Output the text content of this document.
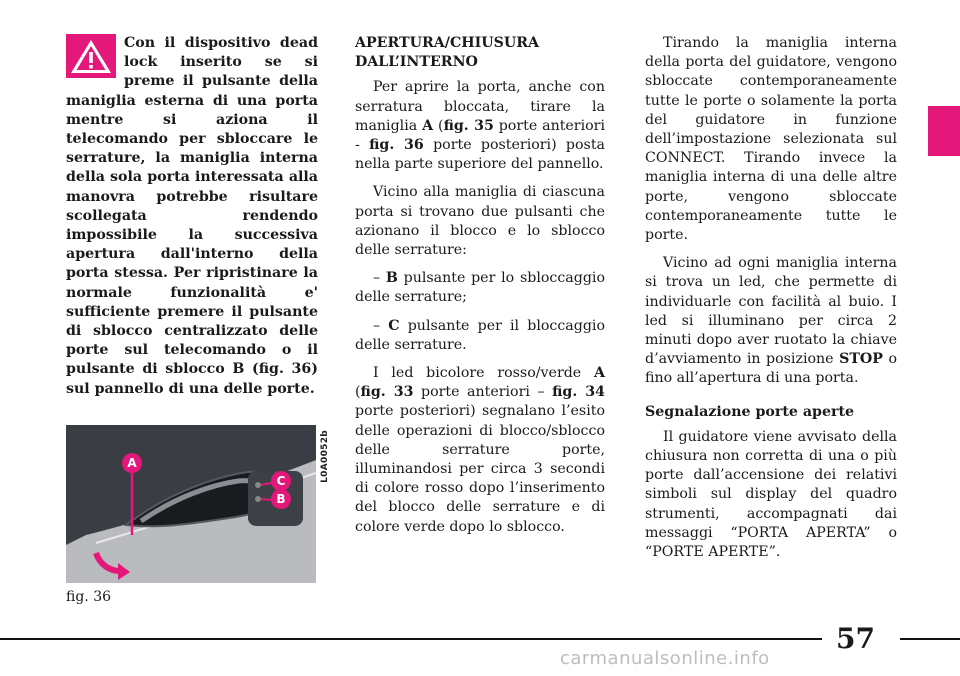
Con il dispositivo dead lock inserito se si preme il pulsante della maniglia esterna di una porta mentre si aziona il telecomando per sbloccare le serrature, la maniglia interna della sola porta interessata alla manovra potrebbe risultare scollegata rendendo impossibile la successiva apertura dall'interno della porta stessa. Per ripristinare la normale funzionalità e' sufficiente premere il pulsante di sblocco centralizzato delle porte sul telecomando o il pulsante di sblocco B (fig. 36) sul pannello di una delle porte.
A
C
B
L0A0052b
fig. 36

APERTURA/CHIUSURA DALL’INTERNO

Per aprire la porta, anche con serratura bloccata, tirare la maniglia A (fig. 35 porte anteriori - fig. 36 porte posteriori) posta nella parte superiore del pannello.

Vicino alla maniglia di ciascuna porta si trovano due pulsanti che azionano il blocco e lo sblocco delle serrature:

– B pulsante per lo sbloccaggio delle serrature;

– C pulsante per il bloccaggio delle serrature.

I led bicolore rosso/verde A (fig. 33 porte anteriori – fig. 34 porte posteriori) segnalano l’esito delle operazioni di blocco/sblocco delle serrature porte, illuminandosi per circa 3 secondi di colore rosso dopo l’inserimento del blocco delle serrature e di colore verde dopo lo sblocco.

Tirando la maniglia interna della porta del guidatore, vengono sbloccate contemporaneamente tutte le porte o solamente la porta del guidatore in funzione dell’impostazione selezionata sul CONNECT. Tirando invece la maniglia interna di una delle altre porte, vengono sbloccate contemporaneamente tutte le porte.

Vicino ad ogni maniglia interna si trova un led, che permette di individuarle con facilità al buio. I led si illuminano per circa 2 minuti dopo aver ruotato la chiave d’avviamento in posizione STOP o fino all’apertura di una porta.

Segnalazione porte aperte

Il guidatore viene avvisato della chiusura non corretta di una o più porte dall’accensione dei relativi simboli sul display del quadro strumenti, accompagnati dai messaggi “PORTA APERTA” o “PORTE APERTE”.

57
carmanualsonline.info
